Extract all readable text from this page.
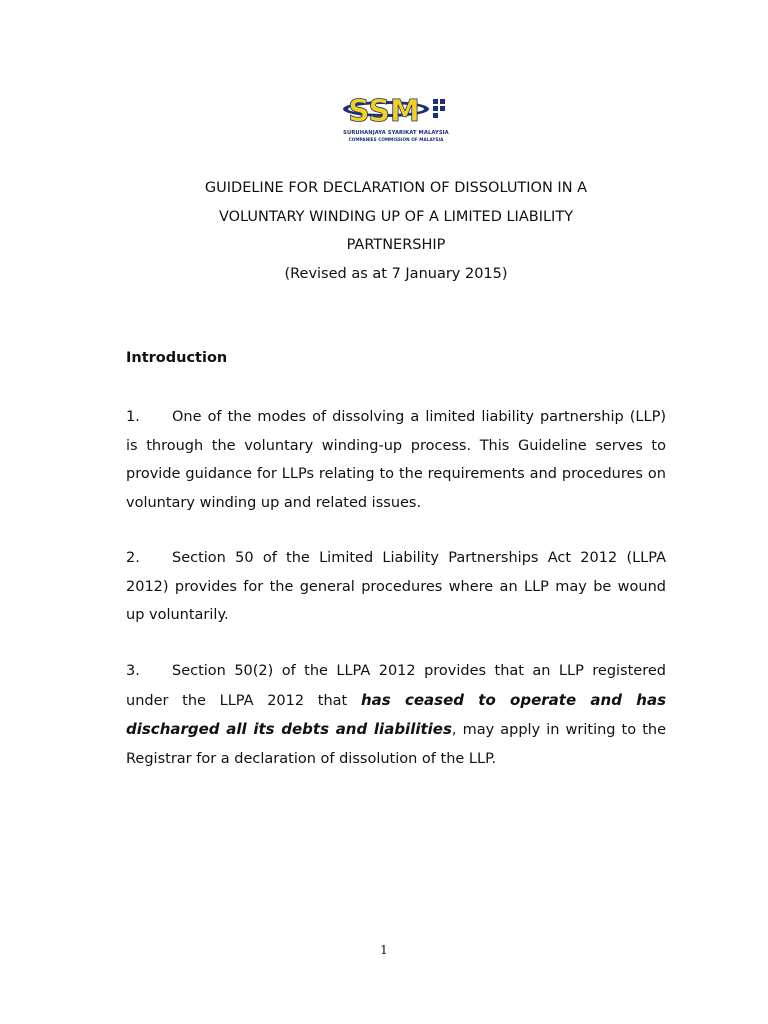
SSM
SURUHANJAYA SYARIKAT MALAYSIA
COMPANIES COMMISSION OF MALAYSIA
GUIDELINE FOR DECLARATION OF DISSOLUTION IN A
VOLUNTARY WINDING UP OF A LIMITED LIABILITY
PARTNERSHIP
(Revised as at 7 January 2015)
Introduction
1. One of the modes of dissolving a limited liability partnership (LLP) is through the voluntary winding-up process. This Guideline serves to provide guidance for LLPs relating to the requirements and procedures on voluntary winding up and related issues.
2. Section 50 of the Limited Liability Partnerships Act 2012 (LLPA 2012) provides for the general procedures where an LLP may be wound up voluntarily.
3. Section 50(2) of the LLPA 2012 provides that an LLP registered under the LLPA 2012 that has ceased to operate and has discharged all its debts and liabilities, may apply in writing to the Registrar for a declaration of dissolution of the LLP.
1
